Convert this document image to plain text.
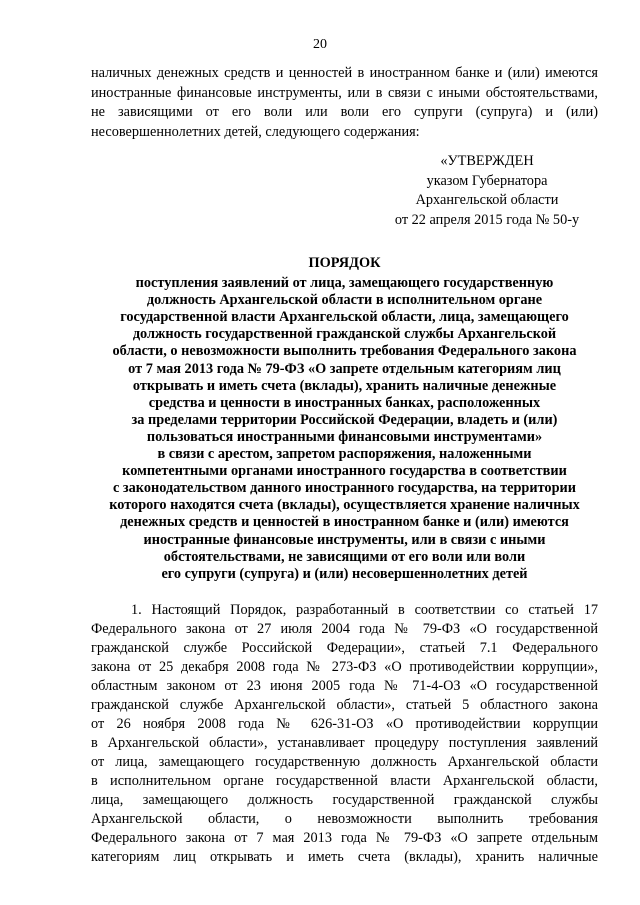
20
наличных денежных средств и ценностей в иностранном банке и (или) имеются иностранные финансовые инструменты, или в связи с иными обстоятельствами, не зависящими от его воли или воли его супруги (супруга) и (или) несовершеннолетних детей, следующего содержания:
«УТВЕРЖДЕН
указом Губернатора
Архангельской области
от 22 апреля 2015 года № 50-у
ПОРЯДОК
поступления заявлений от лица, замещающего государственную
должность Архангельской области в исполнительном органе
государственной власти Архангельской области, лица, замещающего
должность государственной гражданской службы Архангельской
области, о невозможности выполнить требования Федерального закона
от 7 мая 2013 года № 79-ФЗ «О запрете отдельным категориям лиц
открывать и иметь счета (вклады), хранить наличные денежные
средства и ценности в иностранных банках, расположенных
за пределами территории Российской Федерации, владеть и (или)
пользоваться иностранными финансовыми инструментами»
в связи с арестом, запретом распоряжения, наложенными
компетентными органами иностранного государства в соответствии
с законодательством данного иностранного государства, на территории
которого находятся счета (вклады), осуществляется хранение наличных
денежных средств и ценностей в иностранном банке и (или) имеются
иностранные финансовые инструменты, или в связи с иными
обстоятельствами, не зависящими от его воли или воли
его супруги (супруга) и (или) несовершеннолетних детей
1. Настоящий Порядок, разработанный в соответствии со статьей 17
Федерального закона от 27 июля 2004 года № 79-ФЗ «О государственной
гражданской службе Российской Федерации», статьей 7.1 Федерального
закона от 25 декабря 2008 года № 273-ФЗ «О противодействии коррупции»,
областным законом от 23 июня 2005 года № 71-4-ОЗ «О государственной
гражданской службе Архангельской области», статьей 5 областного закона
от 26 ноября 2008 года № 626-31-ОЗ «О противодействии коррупции
в Архангельской области», устанавливает процедуру поступления заявлений
от лица, замещающего государственную должность Архангельской области
в исполнительном органе государственной власти Архангельской области,
лица, замещающего должность государственной гражданской службы
Архангельской области, о невозможности выполнить требования
Федерального закона от 7 мая 2013 года № 79-ФЗ «О запрете отдельным
категориям лиц открывать и иметь счета (вклады), хранить наличные
